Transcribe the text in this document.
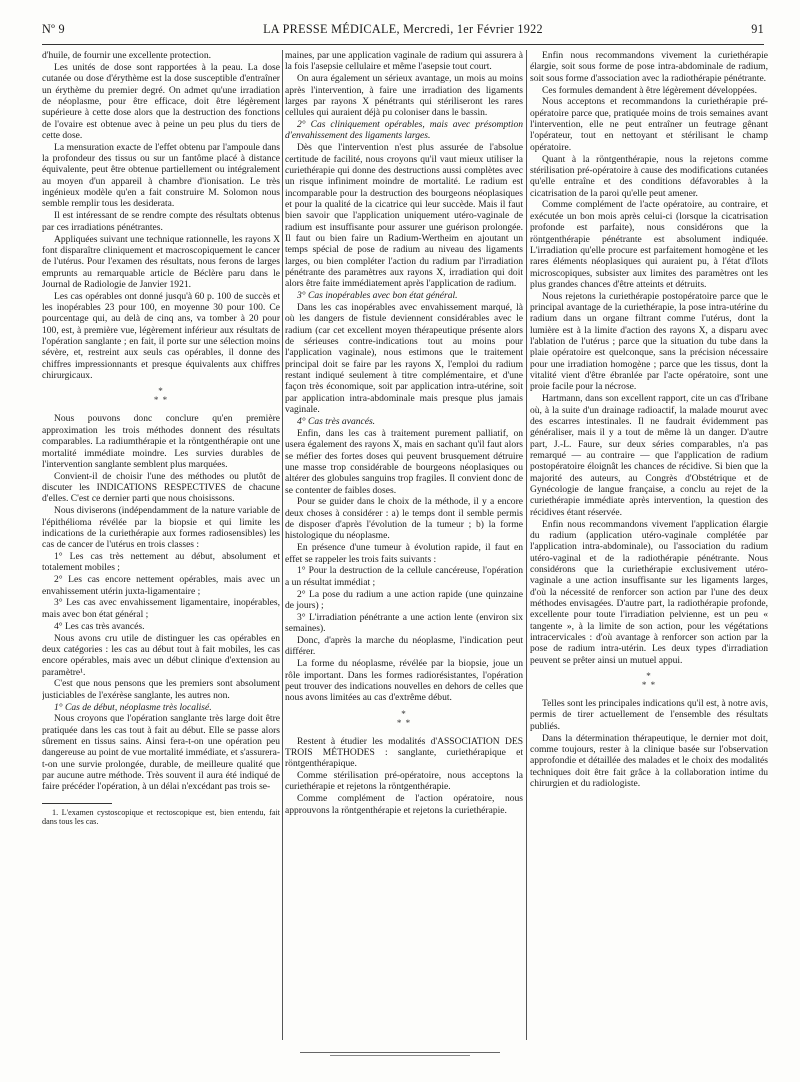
Nº 9	LA PRESSE MÉDICALE, Mercredi, 1er Février 1922	91

d'huile, de fournir une excellente protection.

Les unités de dose sont rapportées à la peau. La dose cutanée ou dose d'érythème est la dose susceptible d'entraîner un érythème du premier degré. On admet qu'une irradiation de néoplasme, pour être efficace, doit être légèrement supérieure à cette dose alors que la destruction des fonctions de l'ovaire est obtenue avec à peine un peu plus du tiers de cette dose.

La mensuration exacte de l'effet obtenu par l'ampoule dans la profondeur des tissus ou sur un fantôme placé à distance équivalente, peut être obtenue partiellement ou intégralement au moyen d'un appareil à chambre d'ionisation. Le très ingénieux modèle qu'en a fait construire M. Solomon nous semble remplir tous les desiderata.

Il est intéressant de se rendre compte des résultats obtenus par ces irradiations pénétrantes.

Appliquées suivant une technique rationnelle, les rayons X font disparaître cliniquement et macroscopiquement le cancer de l'utérus. Pour l'examen des résultats, nous ferons de larges emprunts au remarquable article de Béclère paru dans le Journal de Radiologie de Janvier 1921.

Les cas opérables ont donné jusqu'à 60 p. 100 de succès et les inopérables 23 pour 100, en moyenne 30 pour 100. Ce pourcentage qui, au delà de cinq ans, va tomber à 20 pour 100, est, à première vue, légèrement inférieur aux résultats de l'opération sanglante ; en fait, il porte sur une sélection moins sévère, et, restreint aux seuls cas opérables, il donne des chiffres impressionnants et presque équivalents aux chiffres chirurgicaux.

*
* *

Nous pouvons donc conclure qu'en première approximation les trois méthodes donnent des résultats comparables. La radiumthérapie et la röntgenthérapie ont une mortalité immédiate moindre. Les survies durables de l'intervention sanglante semblent plus marquées.

Convient-il de choisir l'une des méthodes ou plutôt de discuter les INDICATIONS RESPECTIVES de chacune d'elles. C'est ce dernier parti que nous choisissons.

Nous diviserons (indépendamment de la nature variable de l'épithélioma révélée par la biopsie et qui limite les indications de la curiethérapie aux formes radiosensibles) les cas de cancer de l'utérus en trois classes :

1° Les cas très nettement au début, absolument et totalement mobiles ;

2° Les cas encore nettement opérables, mais avec un envahissement utérin juxta-ligamentaire ;

3° Les cas avec envahissement ligamentaire, inopérables, mais avec bon état général ;

4° Les cas très avancés.

Nous avons cru utile de distinguer les cas opérables en deux catégories : les cas au début tout à fait mobiles, les cas encore opérables, mais avec un début clinique d'extension au paramètre¹.

C'est que nous pensons que les premiers sont absolument justiciables de l'exérèse sanglante, les autres non.

1° Cas de début, néoplasme très localisé.

Nous croyons que l'opération sanglante très large doit être pratiquée dans les cas tout à fait au début. Elle se passe alors sûrement en tissus sains. Ainsi fera-t-on une opération peu dangereuse au point de vue mortalité immédiate, et s'assurera-t-on une survie prolongée, durable, de meilleure qualité que par aucune autre méthode. Très souvent il aura été indiqué de faire précéder l'opération, à un délai n'excédant pas trois se-

1. L'examen cystoscopique et rectoscopique est, bien entendu, fait dans tous les cas.

maines, par une application vaginale de radium qui assurera à la fois l'asepsie cellulaire et même l'asepsie tout court.

On aura également un sérieux avantage, un mois au moins après l'intervention, à faire une irradiation des ligaments larges par rayons X pénétrants qui stériliseront les rares cellules qui auraient déjà pu coloniser dans le bassin.

2° Cas cliniquement opérables, mais avec présomption d'envahissement des ligaments larges.

Dès que l'intervention n'est plus assurée de l'absolue certitude de facilité, nous croyons qu'il vaut mieux utiliser la curiethérapie qui donne des destructions aussi complètes avec un risque infiniment moindre de mortalité. Le radium est incomparable pour la destruction des bourgeons néoplasiques et pour la qualité de la cicatrice qui leur succède. Mais il faut bien savoir que l'application uniquement utéro-vaginale de radium est insuffisante pour assurer une guérison prolongée. Il faut ou bien faire un Radium-Wertheim en ajoutant un temps spécial de pose de radium au niveau des ligaments larges, ou bien compléter l'action du radium par l'irradiation pénétrante des paramètres aux rayons X, irradiation qui doit alors être faite immédiatement après l'application de radium.

3° Cas inopérables avec bon état général.

Dans les cas inopérables avec envahissement marqué, là où les dangers de fistule deviennent considérables avec le radium (car cet excellent moyen thérapeutique présente alors de sérieuses contre-indications tout au moins pour l'application vaginale), nous estimons que le traitement principal doit se faire par les rayons X, l'emploi du radium restant indiqué seulement à titre complémentaire, et d'une façon très économique, soit par application intra-utérine, soit par application intra-abdominale mais presque plus jamais vaginale.

4° Cas très avancés.

Enfin, dans les cas à traitement purement palliatif, on usera également des rayons X, mais en sachant qu'il faut alors se méfier des fortes doses qui peuvent brusquement détruire une masse trop considérable de bourgeons néoplasiques ou altérer des globules sanguins trop fragiles. Il convient donc de se contenter de faibles doses.

Pour se guider dans le choix de la méthode, il y a encore deux choses à considérer : a) le temps dont il semble permis de disposer d'après l'évolution de la tumeur ; b) la forme histologique du néoplasme.

En présence d'une tumeur à évolution rapide, il faut en effet se rappeler les trois faits suivants :

1° Pour la destruction de la cellule cancéreuse, l'opération a un résultat immédiat ;

2° La pose du radium a une action rapide (une quinzaine de jours) ;

3° L'irradiation pénétrante a une action lente (environ six semaines).

Donc, d'après la marche du néoplasme, l'indication peut différer.

La forme du néoplasme, révélée par la biopsie, joue un rôle important. Dans les formes radiorésistantes, l'opération peut trouver des indications nouvelles en dehors de celles que nous avons limitées au cas d'extrême début.

*
* *

Restent à étudier les modalités d'ASSOCIATION DES TROIS MÉTHODES : sanglante, curiethérapique et röntgenthérapique.

Comme stérilisation pré-opératoire, nous acceptons la curiethérapie et rejetons la röntgenthérapie.

Comme complément de l'action opératoire, nous approuvons la röntgenthérapie et rejetons la curiethérapie.

Enfin nous recommandons vivement la curiethérapie élargie, soit sous forme de pose intra-abdominale de radium, soit sous forme d'association avec la radiothérapie pénétrante.

Ces formules demandent à être légèrement développées.

Nous acceptons et recommandons la curiethérapie pré-opératoire parce que, pratiquée moins de trois semaines avant l'intervention, elle ne peut entraîner un feutrage gênant l'opérateur, tout en nettoyant et stérilisant le champ opératoire.

Quant à la röntgenthérapie, nous la rejetons comme stérilisation pré-opératoire à cause des modifications cutanées qu'elle entraîne et des conditions défavorables à la cicatrisation de la paroi qu'elle peut amener.

Comme complément de l'acte opératoire, au contraire, et exécutée un bon mois après celui-ci (lorsque la cicatrisation profonde est parfaite), nous considérons que la röntgenthérapie pénétrante est absolument indiquée. L'irradiation qu'elle procure est parfaitement homogène et les rares éléments néoplasiques qui auraient pu, à l'état d'îlots microscopiques, subsister aux limites des paramètres ont les plus grandes chances d'être atteints et détruits.

Nous rejetons la curiethérapie postopératoire parce que le principal avantage de la curiethérapie, la pose intra-utérine du radium dans un organe filtrant comme l'utérus, dont la lumière est à la limite d'action des rayons X, a disparu avec l'ablation de l'utérus ; parce que la situation du tube dans la plaie opératoire est quelconque, sans la précision nécessaire pour une irradiation homogène ; parce que les tissus, dont la vitalité vient d'être ébranlée par l'acte opératoire, sont une proie facile pour la nécrose.

Hartmann, dans son excellent rapport, cite un cas d'Iribane où, à la suite d'un drainage radioactif, la malade mourut avec des escarres intestinales. Il ne faudrait évidemment pas généraliser, mais il y a tout de même là un danger. D'autre part, J.-L. Faure, sur deux séries comparables, n'a pas remarqué — au contraire — que l'application de radium postopératoire éloignât les chances de récidive. Si bien que la majorité des auteurs, au Congrès d'Obstétrique et de Gynécologie de langue française, a conclu au rejet de la curiethérapie immédiate après intervention, la question des récidives étant réservée.

Enfin nous recommandons vivement l'application élargie du radium (application utéro-vaginale complétée par l'application intra-abdominale), ou l'association du radium utéro-vaginal et de la radiothérapie pénétrante. Nous considérons que la curiethérapie exclusivement utéro-vaginale a une action insuffisante sur les ligaments larges, d'où la nécessité de renforcer son action par l'une des deux méthodes envisagées. D'autre part, la radiothérapie profonde, excellente pour toute l'irradiation pelvienne, est un peu « tangente », à la limite de son action, pour les végétations intracervicales : d'où avantage à renforcer son action par la pose de radium intra-utérin. Les deux types d'irradiation peuvent se prêter ainsi un mutuel appui.

*
* *

Telles sont les principales indications qu'il est, à notre avis, permis de tirer actuellement de l'ensemble des résultats publiés.

Dans la détermination thérapeutique, le dernier mot doit, comme toujours, rester à la clinique basée sur l'observation approfondie et détaillée des malades et le choix des modalités techniques doit être fait grâce à la collaboration intime du chirurgien et du radiologiste.
